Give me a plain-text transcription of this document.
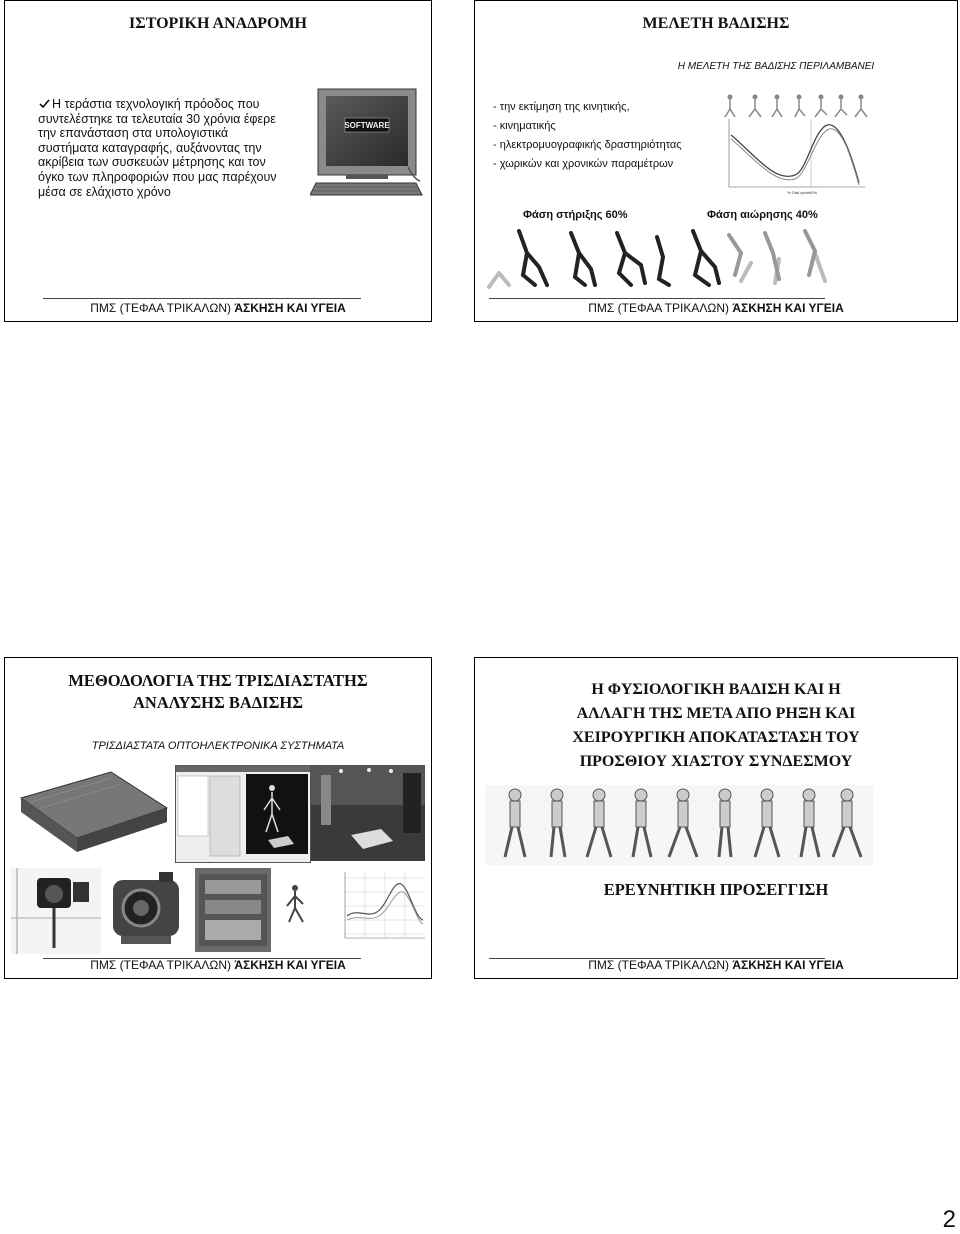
ΙΣΤΟΡΙΚΗ ΑΝΑΔΡΟΜΗ
Η τεράστια τεχνολογική πρόοδος που
συντελέστηκε τα τελευταία 30 χρόνια έφερε
την επανάσταση στα υπολογιστικά
συστήματα καταγραφής, αυξάνοντας την
ακρίβεια των συσκευών μέτρησης και τον
όγκο των πληροφοριών που μας παρέχουν
μέσα σε ελάχιστο χρόνο
SOFTWARE
ΠΜΣ (ΤΕΦΑΑ ΤΡΙΚΑΛΩΝ) ΆΣΚΗΣΗ ΚΑΙ ΥΓΕΙΑ
ΜΕΛΕΤΗ ΒΑΔΙΣΗΣ
Η ΜΕΛΕΤΗ ΤΗΣ ΒΑΔΙΣΗΣ ΠΕΡΙΛΑΜΒΑΝΕΙ
- την εκτίμηση της κινητικής,
- κινηματικής
- ηλεκτρομυογραφικής δραστηριότητας
- χωρικών και χρονικών παραμέτρων
% Gait cycle 60%
Φάση στήριξης 60%	Φάση αιώρησης 40%
ΠΜΣ (ΤΕΦΑΑ ΤΡΙΚΑΛΩΝ) ΆΣΚΗΣΗ ΚΑΙ ΥΓΕΙΑ
ΜΕΘΟΔΟΛΟΓΙΑ ΤΗΣ ΤΡΙΣΔΙΑΣΤΑΤΗΣ
ΑΝΑΛΥΣΗΣ ΒΑΔΙΣΗΣ
ΤΡΙΣΔΙΑΣΤΑΤΑ ΟΠΤΟΗΛΕΚΤΡΟΝΙΚΑ ΣΥΣΤΗΜΑΤΑ
ΠΜΣ (ΤΕΦΑΑ ΤΡΙΚΑΛΩΝ) ΆΣΚΗΣΗ ΚΑΙ ΥΓΕΙΑ
Η ΦΥΣΙΟΛΟΓΙΚΗ ΒΑΔΙΣΗ ΚΑΙ Η
ΑΛΛΑΓΗ ΤΗΣ ΜΕΤΑ ΑΠΟ ΡΗΞΗ ΚΑΙ
ΧΕΙΡΟΥΡΓΙΚΗ ΑΠΟΚΑΤΑΣΤΑΣΗ ΤΟΥ
ΠΡΟΣΘΙΟΥ ΧΙΑΣΤΟΥ ΣΥΝΔΕΣΜΟΥ
ΕΡΕΥΝΗΤΙΚΗ ΠΡΟΣΕΓΓΙΣΗ
ΠΜΣ (ΤΕΦΑΑ ΤΡΙΚΑΛΩΝ) ΆΣΚΗΣΗ ΚΑΙ ΥΓΕΙΑ
2
